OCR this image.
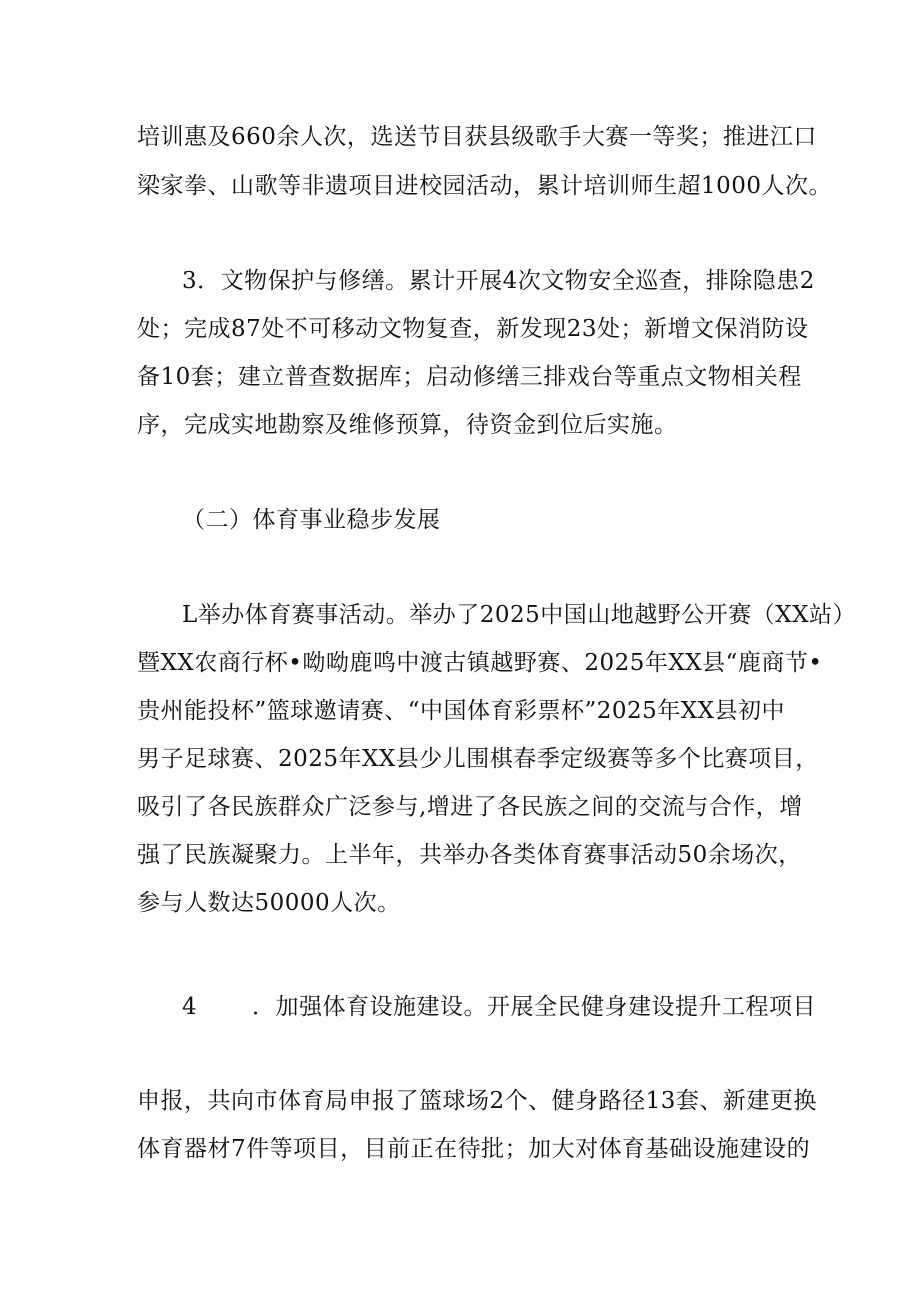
培训惠及660余人次，选送节目获县级歌手大赛一等奖；推进江口
梁家拳、山歌等非遗项目进校园活动，累计培训师生超1000人次。
3．文物保护与修缮。累计开展4次文物安全巡查，排除隐患2
处；完成87处不可移动文物复查，新发现23处；新增文保消防设
备10套；建立普查数据库；启动修缮三排戏台等重点文物相关程
序，完成实地勘察及维修预算，待资金到位后实施。
（二）体育事业稳步发展
L举办体育赛事活动。举办了2025中国山地越野公开赛（XX站）
暨XX农商行杯•呦呦鹿鸣中渡古镇越野赛、2025年XX县“鹿商节•
贵州能投杯”篮球邀请赛、“中国体育彩票杯”2025年XX县初中
男子足球赛、2025年XX县少儿围棋春季定级赛等多个比赛项目，
吸引了各民族群众广泛参与,增进了各民族之间的交流与合作，增
强了民族凝聚力。上半年，共举办各类体育赛事活动50余场次，
参与人数达50000人次。
4 ．加强体育设施建设。开展全民健身建设提升工程项目
申报，共向市体育局申报了篮球场2个、健身路径13套、新建更换
体育器材7件等项目，目前正在待批；加大对体育基础设施建设的
